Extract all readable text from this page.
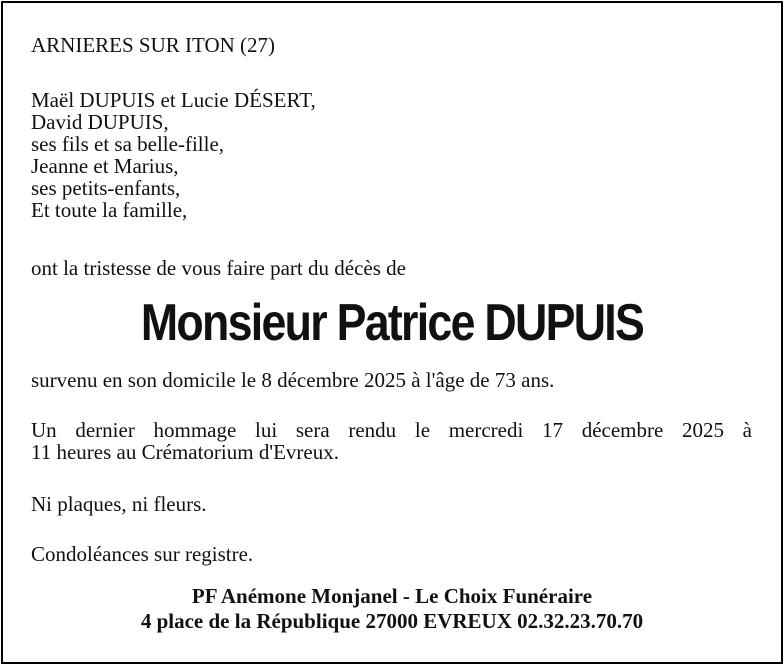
ARNIERES SUR ITON (27)
Maël DUPUIS et Lucie DÉSERT,
David DUPUIS,
ses fils et sa belle-fille,
Jeanne et Marius,
ses petits-enfants,
Et toute la famille,
ont la tristesse de vous faire part du décès de
Monsieur Patrice DUPUIS
survenu en son domicile le 8 décembre 2025 à l'âge de 73 ans.
Un dernier hommage lui sera rendu le mercredi 17 décembre 2025 à
11 heures au Crématorium d'Evreux.
Ni plaques, ni fleurs.
Condoléances sur registre.
PF Anémone Monjanel - Le Choix Funéraire
4 place de la République 27000 EVREUX 02.32.23.70.70
